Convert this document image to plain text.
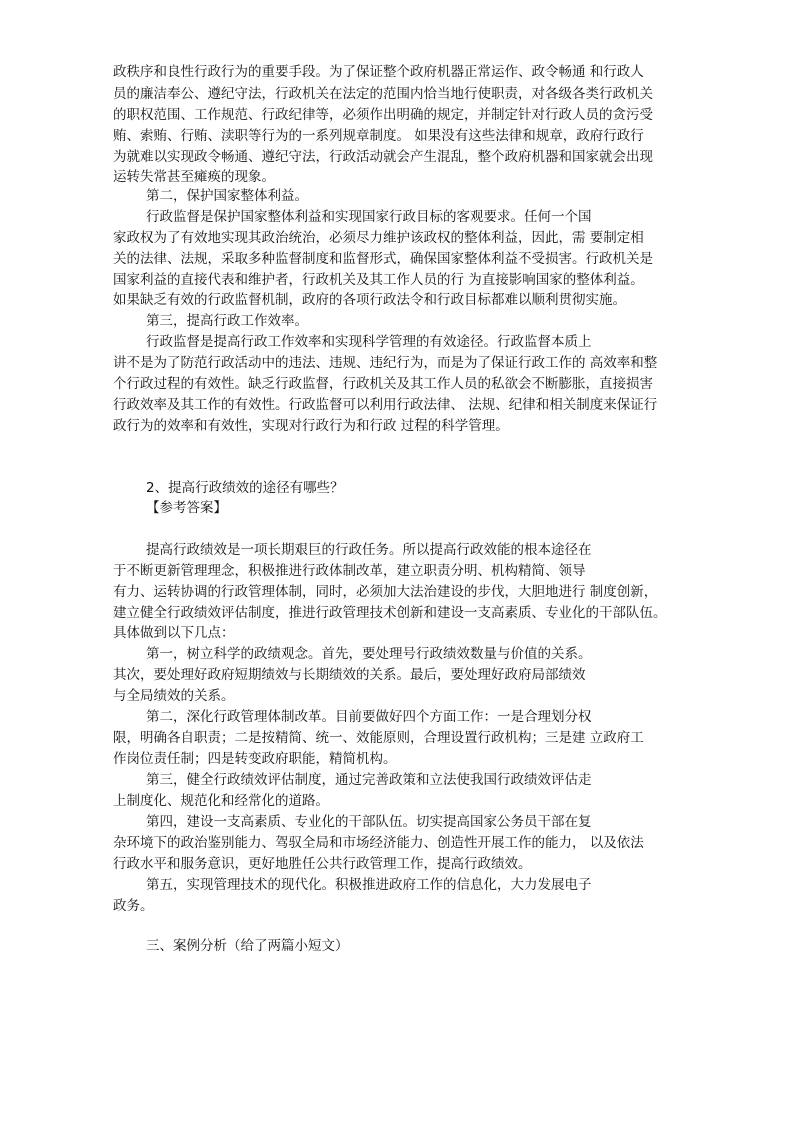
政秩序和良性行政行为的重要手段。为了保证整个政府机器正常运作、政令畅通 和行政人
员的廉洁奉公、遵纪守法，行政机关在法定的范围内恰当地行使职责，对各级各类行政机关
的职权范围、工作规范、行政纪律等，必须作出明确的规定，并制定针对行政人员的贪污受
贿、索贿、行贿、渎职等行为的一系列规章制度。 如果没有这些法律和规章，政府行政行
为就难以实现政令畅通、遵纪守法，行政活动就会产生混乱，整个政府机器和国家就会出现
运转失常甚至瘫痪的现象。
第二，保护国家整体利益。
行政监督是保护国家整体利益和实现国家行政目标的客观要求。任何一个国
家政权为了有效地实现其政治统治，必须尽力维护该政权的整体利益，因此，需 要制定相
关的法律、法规，采取多种监督制度和监督形式，确保国家整体利益不受损害。行政机关是
国家利益的直接代表和维护者，行政机关及其工作人员的行 为直接影响国家的整体利益。
如果缺乏有效的行政监督机制，政府的各项行政法令和行政目标都难以顺利贯彻实施。
第三，提高行政工作效率。
行政监督是提高行政工作效率和实现科学管理的有效途径。行政监督本质上
讲不是为了防范行政活动中的违法、违规、违纪行为，而是为了保证行政工作的 高效率和整
个行政过程的有效性。缺乏行政监督，行政机关及其工作人员的私欲会不断膨胀，直接损害
行政效率及其工作的有效性。行政监督可以利用行政法律、 法规、纪律和相关制度来保证行
政行为的效率和有效性，实现对行政行为和行政 过程的科学管理。
2、提高行政绩效的途径有哪些？
【参考答案】
提高行政绩效是一项长期艰巨的行政任务。所以提高行政效能的根本途径在
于不断更新管理理念，积极推进行政体制改革，建立职责分明、机构精简、领导
有力、运转协调的行政管理体制，同时，必须加大法治建设的步伐，大胆地进行 制度创新，
建立健全行政绩效评估制度，推进行政管理技术创新和建设一支高素质、专业化的干部队伍。
具体做到以下几点：
第一，树立科学的政绩观念。首先，要处理号行政绩效数量与价值的关系。
其次，要处理好政府短期绩效与长期绩效的关系。最后，要处理好政府局部绩效
与全局绩效的关系。
第二，深化行政管理体制改革。目前要做好四个方面工作：一是合理划分权
限，明确各自职责；二是按精简、统一、效能原则，合理设置行政机构；三是建 立政府工
作岗位责任制；四是转变政府职能，精简机构。
第三，健全行政绩效评估制度，通过完善政策和立法使我国行政绩效评估走
上制度化、规范化和经常化的道路。
第四，建设一支高素质、专业化的干部队伍。切实提高国家公务员干部在复
杂环境下的政治鉴别能力、驾驭全局和市场经济能力、创造性开展工作的能力， 以及依法
行政水平和服务意识，更好地胜任公共行政管理工作，提高行政绩效。
第五，实现管理技术的现代化。积极推进政府工作的信息化，大力发展电子
政务。
三、案例分析（给了两篇小短文）
